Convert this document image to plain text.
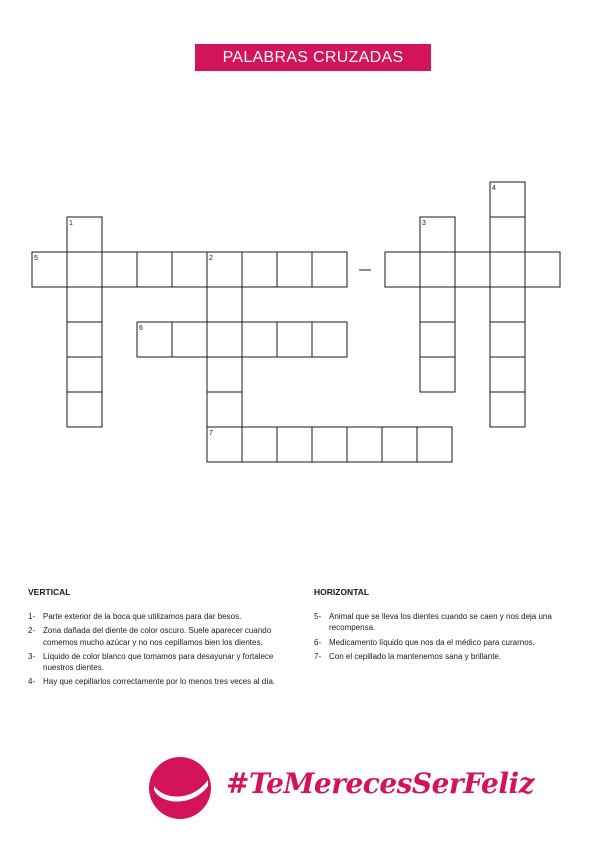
PALABRAS CRUZADAS
4
1	3
2
7
5
6
VERTICAL
1- Parte exterior de la boca que utilizamos para dar besos.
2- Zona dañada del diente de color oscuro. Suele aparecer cuando comemos mucho azúcar y no nos cepillamos bien los dientes.
3- Líquido de color blanco que tomamos para desayunar y fortalece nuestros dientes.
4- Hay que cepillarlos correctamente por lo menos tres veces al día.
HORIZONTAL
5- Animal que se lleva los dientes cuando se caen y nos deja una recompensa.
6- Medicamento líquido que nos da el médico para curarnos.
7- Con el cepillado la mantenemos sana y brillante.
#TeMerecesSerFeliz
